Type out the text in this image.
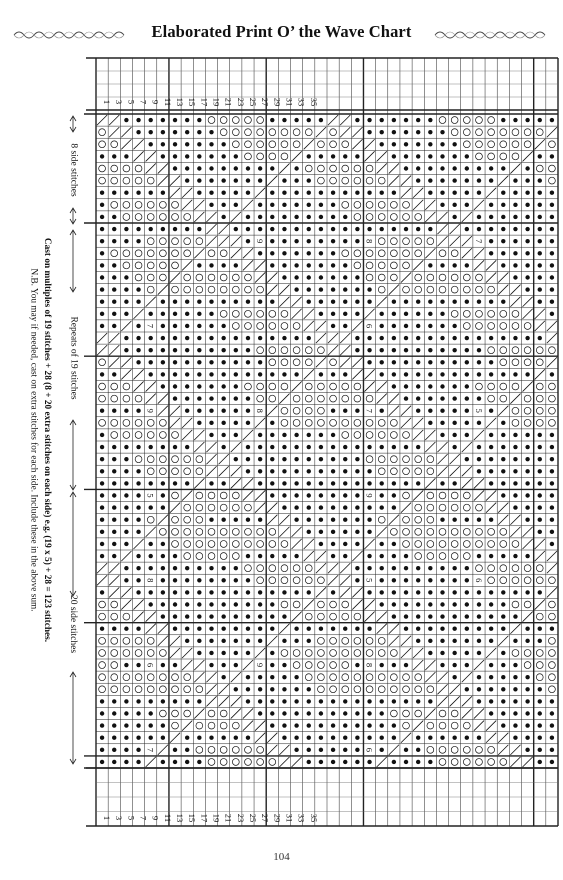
Elaborated Print O’ the Wave Chart
1
1
3
3
5
5
7
7
9
9
11
11
13
13
15
15
17
17
19
19
21
21
23
23
25
25
27
27
29
29
31
31
33
33
35
35
9	8	7
7	6
9	8	7	5
5	9
8	5	6
6	9	8
7	6
8 side stitches
Repeats of 19 stitches
20 side stitches
Cast on multiples of 19 stitches + 28 (8 + 20 extra stitches on each side) e.g. (19 x 5) + 28 = 123 stitches.
N.B. You may if needed, cast on extra stitches for each side. Include these in the above sum.
104
